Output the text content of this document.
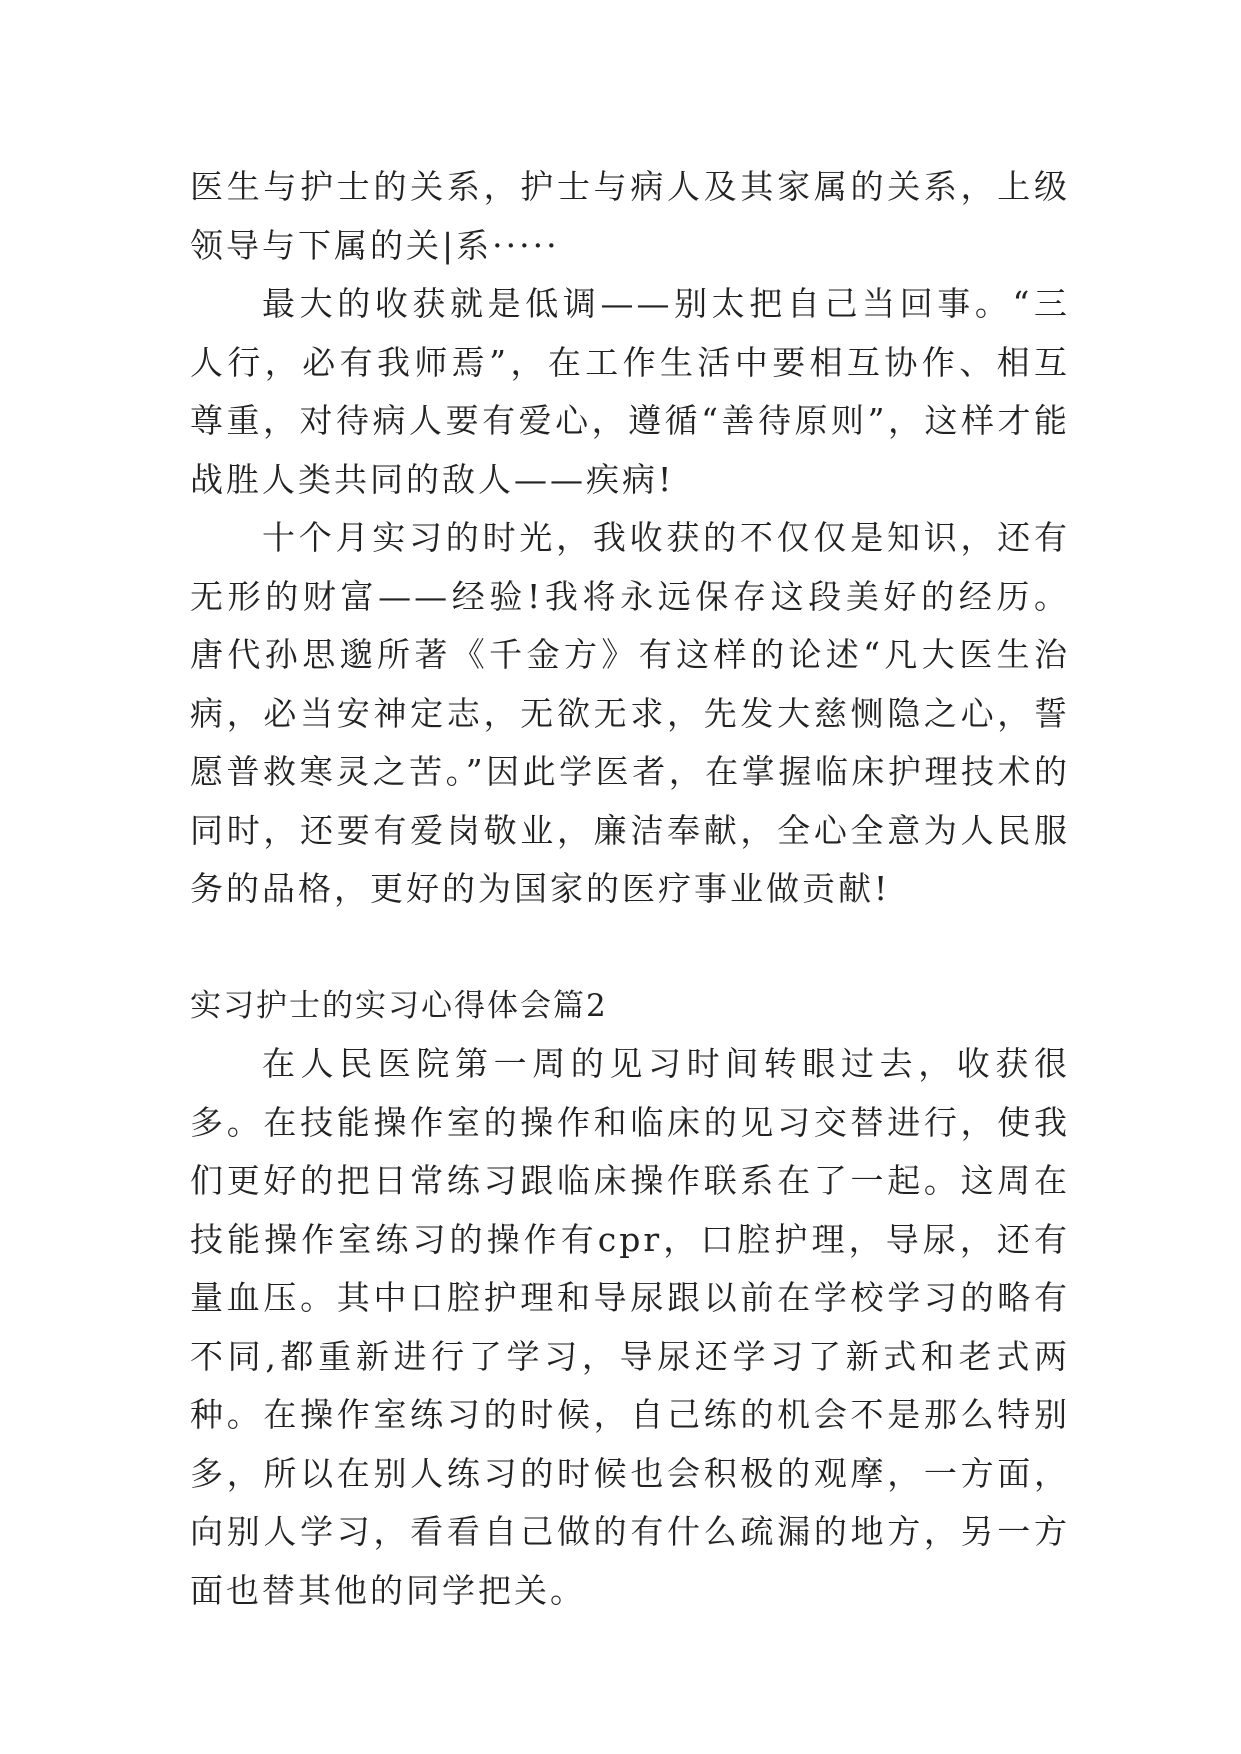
医生与护士的关系，护士与病人及其家属的关系，上级领导与下属的关|系·····

最大的收获就是低调——别太把自己当回事。“三人行，必有我师焉”，在工作生活中要相互协作、相互尊重，对待病人要有爱心，遵循“善待原则”，这样才能战胜人类共同的敌人——疾病!

十个月实习的时光，我收获的不仅仅是知识，还有无形的财富——经验!我将永远保存这段美好的经历。唐代孙思邈所著《千金方》有这样的论述“凡大医生治病，必当安神定志，无欲无求，先发大慈恻隐之心，誓愿普救寒灵之苦。”因此学医者，在掌握临床护理技术的同时，还要有爱岗敬业，廉洁奉献，全心全意为人民服务的品格，更好的为国家的医疗事业做贡献!

实习护士的实习心得体会篇2

在人民医院第一周的见习时间转眼过去，收获很多。在技能操作室的操作和临床的见习交替进行，使我们更好的把日常练习跟临床操作联系在了一起。这周在技能操作室练习的操作有cpr，口腔护理，导尿，还有量血压。其中口腔护理和导尿跟以前在学校学习的略有不同,都重新进行了学习，导尿还学习了新式和老式两种。在操作室练习的时候，自己练的机会不是那么特别多，所以在别人练习的时候也会积极的观摩，一方面，向别人学习，看看自己做的有什么疏漏的地方，另一方面也替其他的同学把关。
